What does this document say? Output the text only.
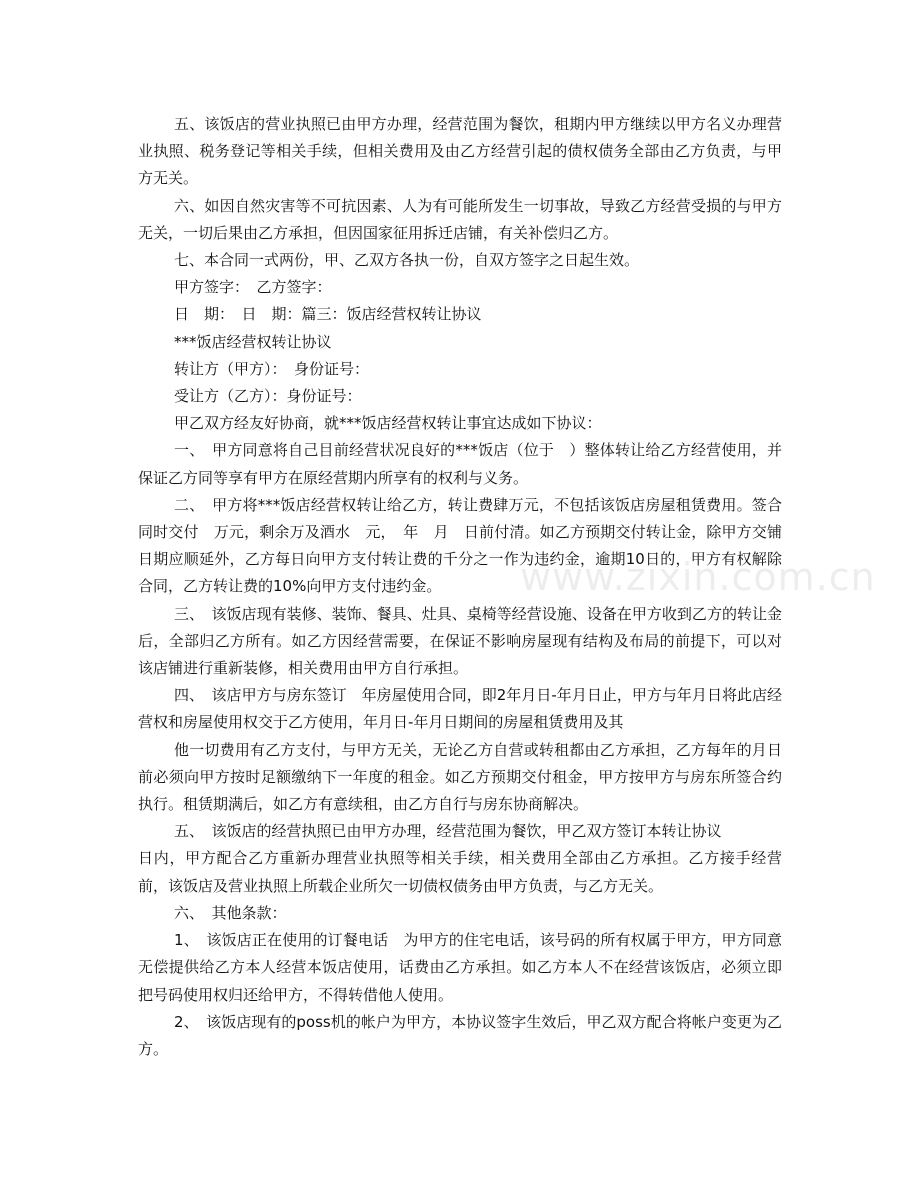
www.zixin.com.cn

五、该饭店的营业执照已由甲方办理，经营范围为餐饮，租期内甲方继续以甲方名义办理营业执照、税务登记等相关手续，但相关费用及由乙方经营引起的债权债务全部由乙方负责，与甲方无关。

六、如因自然灾害等不可抗因素、人为有可能所发生一切事故，导致乙方经营受损的与甲方无关，一切后果由乙方承担，但因国家征用拆迁店铺，有关补偿归乙方。

七、本合同一式两份，甲、乙双方各执一份，自双方签字之日起生效。

甲方签字：　乙方签字：

日　期：　日　期：篇三：饭店经营权转让协议

***饭店经营权转让协议

转让方（甲方）：　身份证号：

受让方（乙方）：身份证号：

甲乙双方经友好协商，就***饭店经营权转让事宜达成如下协议：

一、　甲方同意将自己目前经营状况良好的***饭店（位于　）整体转让给乙方经营使用，并保证乙方同等享有甲方在原经营期内所享有的权利与义务。

二、　甲方将***饭店经营权转让给乙方，转让费肆万元，不包括该饭店房屋租赁费用。签合同时交付　万元，剩余万及酒水　元，　年　月　日前付清。如乙方预期交付转让金，除甲方交铺日期应顺延外，乙方每日向甲方支付转让费的千分之一作为违约金，逾期10日的，甲方有权解除合同，乙方转让费的10%向甲方支付违约金。

三、　该饭店现有装修、装饰、餐具、灶具、桌椅等经营设施、设备在甲方收到乙方的转让金后，全部归乙方所有。如乙方因经营需要，在保证不影响房屋现有结构及布局的前提下，可以对该店铺进行重新装修，相关费用由甲方自行承担。

四、　该店甲方与房东签订　年房屋使用合同，即2年月日-年月日止，甲方与年月日将此店经营权和房屋使用权交于乙方使用，年月日-年月日期间的房屋租赁费用及其

他一切费用有乙方支付，与甲方无关，无论乙方自营或转租都由乙方承担，乙方每年的月日前必须向甲方按时足额缴纳下一年度的租金。如乙方预期交付租金，甲方按甲方与房东所签合约执行。租赁期满后，如乙方有意续租，由乙方自行与房东协商解决。

五、　该饭店的经营执照已由甲方办理，经营范围为餐饮，甲乙双方签订本转让协议

日内，甲方配合乙方重新办理营业执照等相关手续，相关费用全部由乙方承担。乙方接手经营前，该饭店及营业执照上所载企业所欠一切债权债务由甲方负责，与乙方无关。

六、　其他条款：

1、　该饭店正在使用的订餐电话　为甲方的住宅电话，该号码的所有权属于甲方，甲方同意无偿提供给乙方本人经营本饭店使用，话费由乙方承担。如乙方本人不在经营该饭店，必须立即把号码使用权归还给甲方，不得转借他人使用。

2、　该饭店现有的poss机的帐户为甲方，本协议签字生效后，甲乙双方配合将帐户变更为乙方。
